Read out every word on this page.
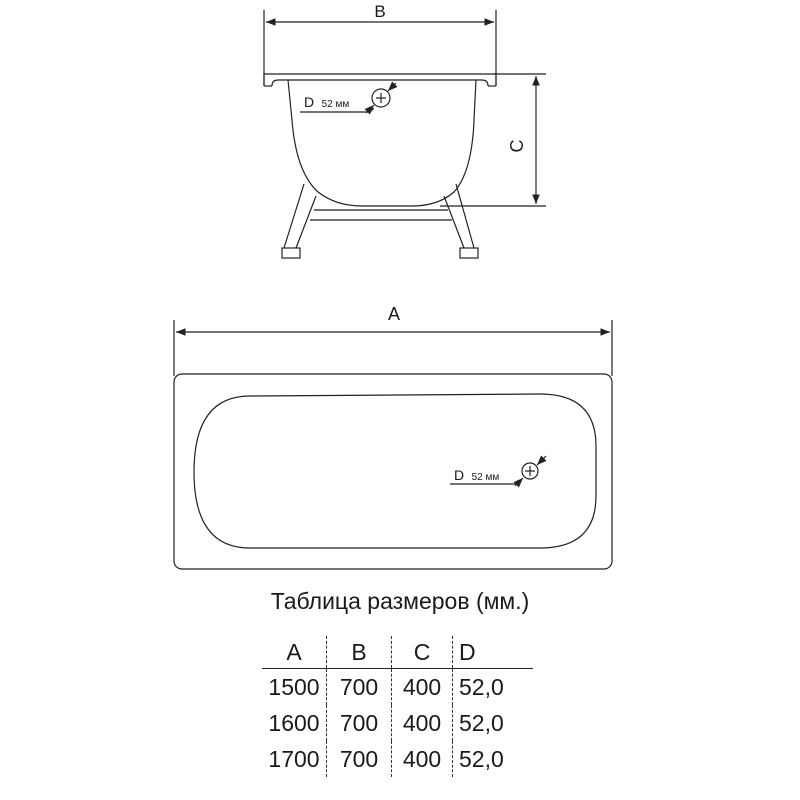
B
C
D 52 мм
A
D 52 мм
Таблица размеров (мм.)
A	B	C	D	
1500	700	400	52,0	
1600	700	400	52,0	
1700	700	400	52,0	
